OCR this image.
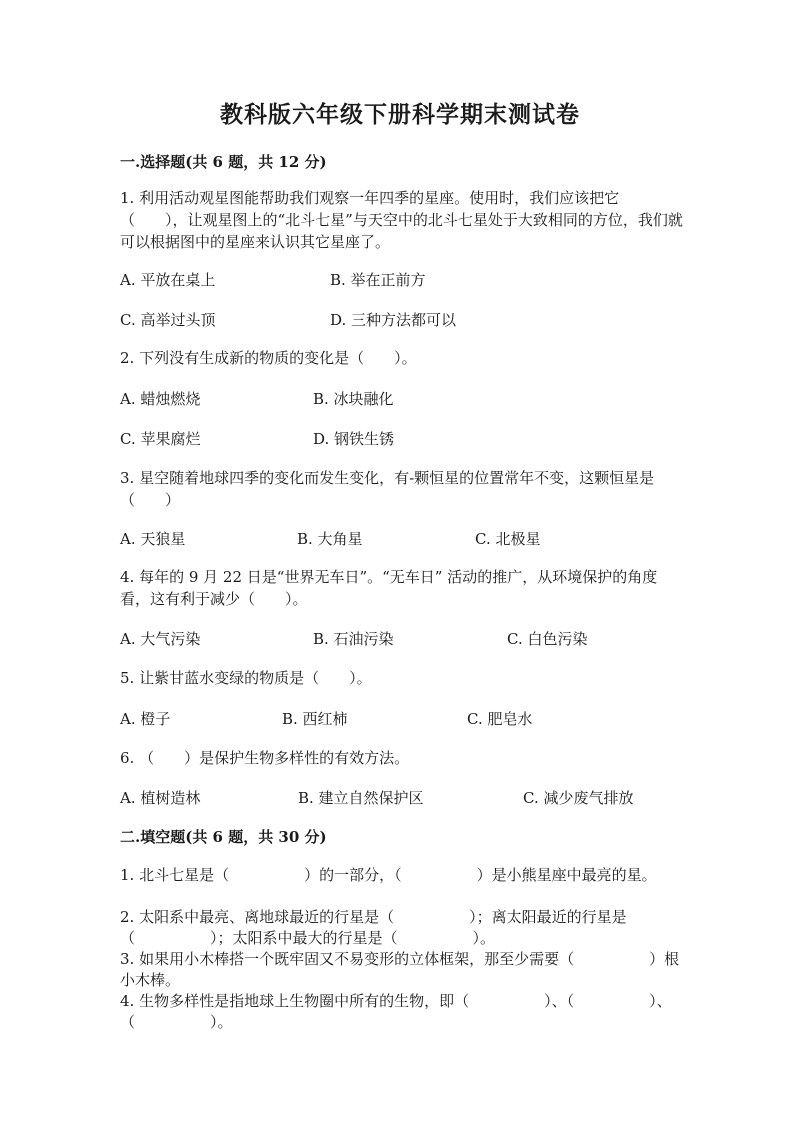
教科版六年级下册科学期末测试卷
一.选择题(共 6 题，共 12 分)
1. 利用活动观星图能帮助我们观察一年四季的星座。使用时，我们应该把它（　　），让观星图上的“北斗七星”与天空中的北斗七星处于大致相同的方位，我们就可以根据图中的星座来认识其它星座了。
A. 平放在桌上	B. 举在正前方
C. 高举过头顶	D. 三种方法都可以
2. 下列没有生成新的物质的变化是（　　）。
A. 蜡烛燃烧	B. 冰块融化
C. 苹果腐烂	D. 钢铁生锈
3. 星空随着地球四季的变化而发生变化，有-颗恒星的位置常年不变，这颗恒星是（　　）
A. 天狼星	B. 大角星	C. 北极星
4. 每年的 9 月 22 日是“世界无车日”。“无车日” 活动的推广，从环境保护的角度看，这有利于减少（　　）。
A. 大气污染	B. 石油污染	C. 白色污染
5. 让紫甘蓝水变绿的物质是（　　）。
A. 橙子	B. 西红柿	C. 肥皂水
6. （　　）是保护生物多样性的有效方法。
A. 植树造林	B. 建立自然保护区	C. 减少废气排放
二.填空题(共 6 题，共 30 分)
1. 北斗七星是（　　　　　）的一部分，（　　　　　）是小熊星座中最亮的星。
2. 太阳系中最亮、离地球最近的行星是（　　　　　）；离太阳最近的行星是（　　　　　）；太阳系中最大的行星是（　　　　　）。
3. 如果用小木棒搭一个既牢固又不易变形的立体框架，那至少需要（　　　　　）根小木棒。
4. 生物多样性是指地球上生物圈中所有的生物，即（　　　　　）、（　　　　　）、（　　　　　）。
